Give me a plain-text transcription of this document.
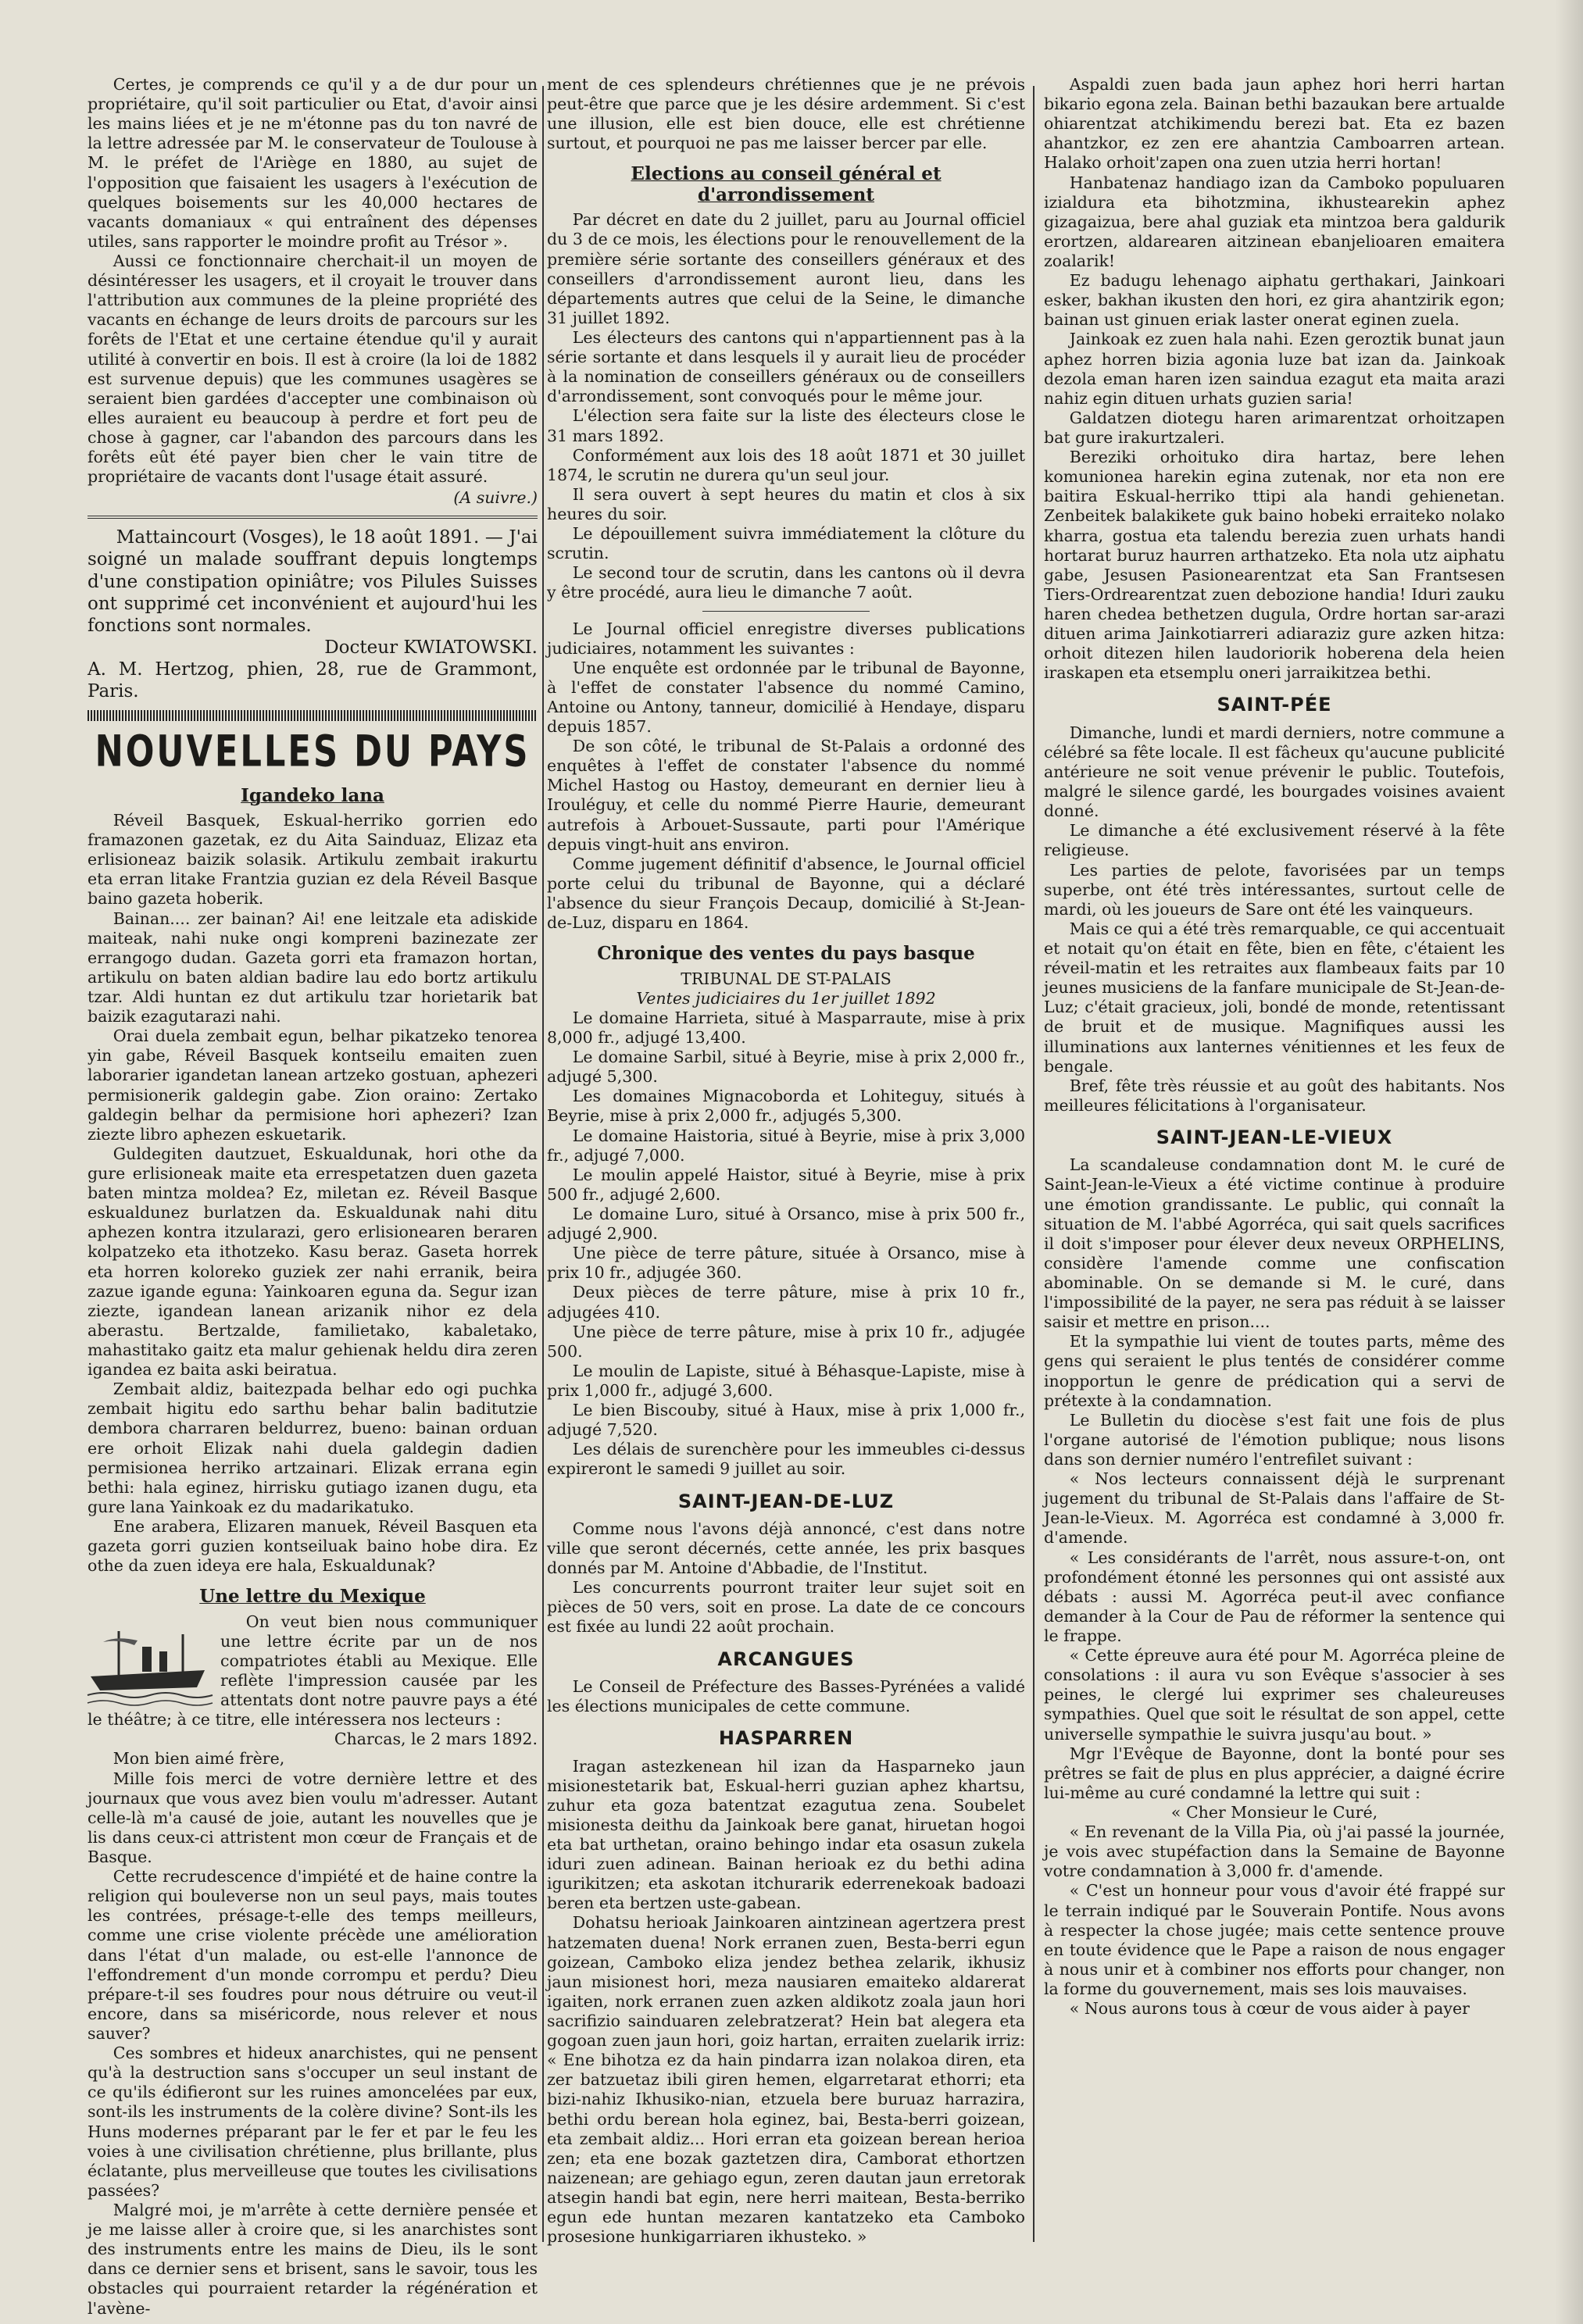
Certes, je comprends ce qu'il y a de dur pour un propriétaire, qu'il soit particulier ou Etat, d'avoir ainsi les mains liées et je ne m'étonne pas du ton navré de la lettre adressée par M. le conservateur de Toulouse à M. le préfet de l'Ariège en 1880, au sujet de l'opposition que faisaient les usagers à l'exécution de quelques boisements sur les 40,000 hectares de vacants domaniaux « qui entraînent des dépenses utiles, sans rapporter le moindre profit au Trésor ».

Aussi ce fonctionnaire cherchait-il un moyen de désintéresser les usagers, et il croyait le trouver dans l'attribution aux communes de la pleine propriété des vacants en échange de leurs droits de parcours sur les forêts de l'Etat et une certaine étendue qu'il y aurait utilité à convertir en bois. Il est à croire (la loi de 1882 est survenue depuis) que les communes usagères se seraient bien gardées d'accepter une combinaison où elles auraient eu beaucoup à perdre et fort peu de chose à gagner, car l'abandon des parcours dans les forêts eût été payer bien cher le vain titre de propriétaire de vacants dont l'usage était assuré.

(A suivre.)

Mattaincourt (Vosges), le 18 août 1891. — J'ai soigné un malade souffrant depuis longtemps d'une constipation opiniâtre; vos Pilules Suisses ont supprimé cet inconvénient et aujourd'hui les fonctions sont normales.

Docteur KWIATOWSKI.

A. M. Hertzog, phien, 28, rue de Grammont, Paris.

NOUVELLES DU PAYS
Igandeko lana

Réveil Basquek, Eskual-herriko gorrien edo framazonen gazetak, ez du Aita Sainduaz, Elizaz eta erlisioneaz baizik solasik. Artikulu zembait irakurtu eta erran litake Frantzia guzian ez dela Réveil Basque baino gazeta hoberik.

Bainan.... zer bainan? Ai! ene leitzale eta adiskide maiteak, nahi nuke ongi kompreni bazinezate zer errangogo dudan. Gazeta gorri eta framazon hortan, artikulu on baten aldian badire lau edo bortz artikulu tzar. Aldi huntan ez dut artikulu tzar horietarik bat baizik ezagutarazi nahi.

Orai duela zembait egun, belhar pikatzeko tenorea yin gabe, Réveil Basquek kontseilu emaiten zuen laborarier igandetan lanean artzeko gostuan, aphezeri permisionerik galdegin gabe. Zion oraino: Zertako galdegin belhar da permisione hori aphezeri? Izan ziezte libro aphezen eskuetarik.

Guldegiten dautzuet, Eskualdunak, hori othe da gure erlisioneak maite eta errespetatzen duen gazeta baten mintza moldea? Ez, miletan ez. Réveil Basque eskualdunez burlatzen da. Eskualdunak nahi ditu aphezen kontra itzularazi, gero erlisionearen beraren kolpatzeko eta ithotzeko. Kasu beraz. Gaseta horrek eta horren koloreko guziek zer nahi erranik, beira zazue igande eguna: Yainkoaren eguna da. Segur izan ziezte, igandean lanean arizanik nihor ez dela aberastu. Bertzalde, familietako, kabaletako, mahastitako gaitz eta malur gehienak heldu dira zeren igandea ez baita aski beiratua.

Zembait aldiz, baitezpada belhar edo ogi puchka zembait higitu edo sarthu behar balin baditutzie dembora charraren beldurrez, bueno: bainan orduan ere orhoit Elizak nahi duela galdegin dadien permisionea herriko artzainari. Elizak errana egin bethi: hala eginez, hirrisku gutiago izanen dugu, eta gure lana Yainkoak ez du madarikatuko.

Ene arabera, Elizaren manuek, Réveil Basquen eta gazeta gorri guzien kontseiluak baino hobe dira. Ez othe da zuen ideya ere hala, Eskualdunak?

Une lettre du Mexique

On veut bien nous communiquer une lettre écrite par un de nos compatriotes établi au Mexique. Elle reflète l'impression causée par les attentats dont notre pauvre pays a été le théâtre; à ce titre, elle intéressera nos lecteurs :

Charcas, le 2 mars 1892.

Mon bien aimé frère,

Mille fois merci de votre dernière lettre et des journaux que vous avez bien voulu m'adresser. Autant celle-là m'a causé de joie, autant les nouvelles que je lis dans ceux-ci attristent mon cœur de Français et de Basque.

Cette recrudescence d'impiété et de haine contre la religion qui bouleverse non un seul pays, mais toutes les contrées, présage-t-elle des temps meilleurs, comme une crise violente précède une amélioration dans l'état d'un malade, ou est-elle l'annonce de l'effondrement d'un monde corrompu et perdu? Dieu prépare-t-il ses foudres pour nous détruire ou veut-il encore, dans sa miséricorde, nous relever et nous sauver?

Ces sombres et hideux anarchistes, qui ne pensent qu'à la destruction sans s'occuper un seul instant de ce qu'ils édifieront sur les ruines amoncelées par eux, sont-ils les instruments de la colère divine? Sont-ils les Huns modernes préparant par le fer et par le feu les voies à une civilisation chrétienne, plus brillante, plus éclatante, plus merveilleuse que toutes les civilisations passées?

Malgré moi, je m'arrête à cette dernière pensée et je me laisse aller à croire que, si les anarchistes sont des instruments entre les mains de Dieu, ils le sont dans ce dernier sens et brisent, sans le savoir, tous les obstacles qui pourraient retarder la régénération et l'avène-

ment de ces splendeurs chrétiennes que je ne prévois peut-être que parce que je les désire ardemment. Si c'est une illusion, elle est bien douce, elle est chrétienne surtout, et pourquoi ne pas me laisser bercer par elle.

Elections au conseil général et d'arrondissement

Par décret en date du 2 juillet, paru au Journal officiel du 3 de ce mois, les élections pour le renouvellement de la première série sortante des conseillers généraux et des conseillers d'arrondissement auront lieu, dans les départements autres que celui de la Seine, le dimanche 31 juillet 1892.

Les électeurs des cantons qui n'appartiennent pas à la série sortante et dans lesquels il y aurait lieu de procéder à la nomination de conseillers généraux ou de conseillers d'arrondissement, sont convoqués pour le même jour.

L'élection sera faite sur la liste des électeurs close le 31 mars 1892.

Conformément aux lois des 18 août 1871 et 30 juillet 1874, le scrutin ne durera qu'un seul jour.

Il sera ouvert à sept heures du matin et clos à six heures du soir.

Le dépouillement suivra immédiatement la clôture du scrutin.

Le second tour de scrutin, dans les cantons où il devra y être procédé, aura lieu le dimanche 7 août.

Le Journal officiel enregistre diverses publications judiciaires, notamment les suivantes :

Une enquête est ordonnée par le tribunal de Bayonne, à l'effet de constater l'absence du nommé Camino, Antoine ou Antony, tanneur, domicilié à Hendaye, disparu depuis 1857.

De son côté, le tribunal de St-Palais a ordonné des enquêtes à l'effet de constater l'absence du nommé Michel Hastog ou Hastoy, demeurant en dernier lieu à Irouléguy, et celle du nommé Pierre Haurie, demeurant autrefois à Arbouet-Sussaute, parti pour l'Amérique depuis vingt-huit ans environ.

Comme jugement définitif d'absence, le Journal officiel porte celui du tribunal de Bayonne, qui a déclaré l'absence du sieur François Decaup, domicilié à St-Jean-de-Luz, disparu en 1864.

Chronique des ventes du pays basque

TRIBUNAL DE ST-PALAIS

Ventes judiciaires du 1er juillet 1892

Le domaine Harrieta, situé à Masparraute, mise à prix 8,000 fr., adjugé 13,400.

Le domaine Sarbil, situé à Beyrie, mise à prix 2,000 fr., adjugé 5,300.

Les domaines Mignacoborda et Lohiteguy, situés à Beyrie, mise à prix 2,000 fr., adjugés 5,300.

Le domaine Haistoria, situé à Beyrie, mise à prix 3,000 fr., adjugé 7,000.

Le moulin appelé Haistor, situé à Beyrie, mise à prix 500 fr., adjugé 2,600.

Le domaine Luro, situé à Orsanco, mise à prix 500 fr., adjugé 2,900.

Une pièce de terre pâture, située à Orsanco, mise à prix 10 fr., adjugée 360.

Deux pièces de terre pâture, mise à prix 10 fr., adjugées 410.

Une pièce de terre pâture, mise à prix 10 fr., adjugée 500.

Le moulin de Lapiste, situé à Béhasque-Lapiste, mise à prix 1,000 fr., adjugé 3,600.

Le bien Biscouby, situé à Haux, mise à prix 1,000 fr., adjugé 7,520.

Les délais de surenchère pour les immeubles ci-dessus expireront le samedi 9 juillet au soir.

SAINT-JEAN-DE-LUZ

Comme nous l'avons déjà annoncé, c'est dans notre ville que seront décernés, cette année, les prix basques donnés par M. Antoine d'Abbadie, de l'Institut.

Les concurrents pourront traiter leur sujet soit en pièces de 50 vers, soit en prose. La date de ce concours est fixée au lundi 22 août prochain.

ARCANGUES

Le Conseil de Préfecture des Basses-Pyrénées a validé les élections municipales de cette commune.

HASPARREN

Iragan astezkenean hil izan da Hasparneko jaun misionestetarik bat, Eskual-herri guzian aphez khartsu, zuhur eta goza batentzat ezagutua zena. Soubelet misionesta deithu da Jainkoak bere ganat, hiruetan hogoi eta bat urthetan, oraino behingo indar eta osasun zukela iduri zuen adinean. Bainan herioak ez du bethi adina igurikitzen; eta askotan itchurarik ederrenekoak badoazi beren eta bertzen uste-gabean.

Dohatsu herioak Jainkoaren aintzinean agertzera prest hatzematen duena! Nork erranen zuen, Besta-berri egun goizean, Camboko eliza jendez bethea zelarik, ikhusiz jaun misionest hori, meza nausiaren emaiteko aldarerat igaiten, nork erranen zuen azken aldikotz zoala jaun hori sacrifizio sainduaren zelebratzerat? Hein bat alegera eta gogoan zuen jaun hori, goiz hartan, erraiten zuelarik irriz: « Ene bihotza ez da hain pindarra izan nolakoa diren, eta zer batzuetaz ibili giren hemen, elgarretarat ethorri; eta bizi-nahiz Ikhusiko-nian, etzuela bere buruaz harrazira, bethi ordu berean hola eginez, bai, Besta-berri goizean, eta zembait aldiz... Hori erran eta goizean berean herioa zen; eta ene bozak gaztetzen dira, Camborat ethortzen naizenean; are gehiago egun, zeren dautan jaun erretorak atsegin handi bat egin, nere herri maitean, Besta-berriko egun ede huntan mezaren kantatzeko eta Camboko prosesione hunkigarriaren ikhusteko. »

Aspaldi zuen bada jaun aphez hori herri hartan bikario egona zela. Bainan bethi bazaukan bere artualde ohiarentzat atchikimendu berezi bat. Eta ez bazen ahantzkor, ez zen ere ahantzia Camboarren artean. Halako orhoit'zapen ona zuen utzia herri hortan!

Hanbatenaz handiago izan da Camboko populuaren izialdura eta bihotzmina, ikhustearekin aphez gizagaizua, bere ahal guziak eta mintzoa bera galdurik erortzen, aldarearen aitzinean ebanjelioaren emaitera zoalarik!

Ez badugu lehenago aiphatu gerthakari, Jainkoari esker, bakhan ikusten den hori, ez gira ahantzirik egon; bainan ust ginuen eriak laster onerat eginen zuela.

Jainkoak ez zuen hala nahi. Ezen geroztik bunat jaun aphez horren bizia agonia luze bat izan da. Jainkoak dezola eman haren izen saindua ezagut eta maita arazi nahiz egin dituen urhats guzien saria!

Galdatzen diotegu haren arimarentzat orhoitzapen bat gure irakurtzaleri.

Bereziki orhoituko dira hartaz, bere lehen komunionea harekin egina zutenak, nor eta non ere baitira Eskual-herriko ttipi ala handi gehienetan. Zenbeitek balakikete guk baino hobeki erraiteko nolako kharra, gostua eta talendu berezia zuen urhats handi hortarat buruz haurren arthatzeko. Eta nola utz aiphatu gabe, Jesusen Pasionearentzat eta San Frantsesen Tiers-Ordrearentzat zuen debozione handia! Iduri zauku haren chedea bethetzen dugula, Ordre hortan sar-arazi dituen arima Jainkotiarreri adiaraziz gure azken hitza: orhoit ditezen hilen laudoriorik hoberena dela heien iraskapen eta etsemplu oneri jarraikitzea bethi.

SAINT-PÉE

Dimanche, lundi et mardi derniers, notre commune a célébré sa fête locale. Il est fâcheux qu'aucune publicité antérieure ne soit venue prévenir le public. Toutefois, malgré le silence gardé, les bourgades voisines avaient donné.

Le dimanche a été exclusivement réservé à la fête religieuse.

Les parties de pelote, favorisées par un temps superbe, ont été très intéressantes, surtout celle de mardi, où les joueurs de Sare ont été les vainqueurs.

Mais ce qui a été très remarquable, ce qui accentuait et notait qu'on était en fête, bien en fête, c'étaient les réveil-matin et les retraites aux flambeaux faits par 10 jeunes musiciens de la fanfare municipale de St-Jean-de-Luz; c'était gracieux, joli, bondé de monde, retentissant de bruit et de musique. Magnifiques aussi les illuminations aux lanternes vénitiennes et les feux de bengale.

Bref, fête très réussie et au goût des habitants. Nos meilleures félicitations à l'organisateur.

SAINT-JEAN-LE-VIEUX

La scandaleuse condamnation dont M. le curé de Saint-Jean-le-Vieux a été victime continue à produire une émotion grandissante. Le public, qui connaît la situation de M. l'abbé Agorréca, qui sait quels sacrifices il doit s'imposer pour élever deux neveux ORPHELINS, considère l'amende comme une confiscation abominable. On se demande si M. le curé, dans l'impossibilité de la payer, ne sera pas réduit à se laisser saisir et mettre en prison....

Et la sympathie lui vient de toutes parts, même des gens qui seraient le plus tentés de considérer comme inopportun le genre de prédication qui a servi de prétexte à la condamnation.

Le Bulletin du diocèse s'est fait une fois de plus l'organe autorisé de l'émotion publique; nous lisons dans son dernier numéro l'entrefilet suivant :

« Nos lecteurs connaissent déjà le surprenant jugement du tribunal de St-Palais dans l'affaire de St-Jean-le-Vieux. M. Agorréca est condamné à 3,000 fr. d'amende.

« Les considérants de l'arrêt, nous assure-t-on, ont profondément étonné les personnes qui ont assisté aux débats : aussi M. Agorréca peut-il avec confiance demander à la Cour de Pau de réformer la sentence qui le frappe.

« Cette épreuve aura été pour M. Agorréca pleine de consolations : il aura vu son Evêque s'associer à ses peines, le clergé lui exprimer ses chaleureuses sympathies. Quel que soit le résultat de son appel, cette universelle sympathie le suivra jusqu'au bout. »

Mgr l'Evêque de Bayonne, dont la bonté pour ses prêtres se fait de plus en plus apprécier, a daigné écrire lui-même au curé condamné la lettre qui suit :

« Cher Monsieur le Curé,

« En revenant de la Villa Pia, où j'ai passé la journée, je vois avec stupéfaction dans la Semaine de Bayonne votre condamnation à 3,000 fr. d'amende.

« C'est un honneur pour vous d'avoir été frappé sur le terrain indiqué par le Souverain Pontife. Nous avons à respecter la chose jugée; mais cette sentence prouve en toute évidence que le Pape a raison de nous engager à nous unir et à combiner nos efforts pour changer, non la forme du gouvernement, mais ses lois mauvaises.

« Nous aurons tous à cœur de vous aider à payer
